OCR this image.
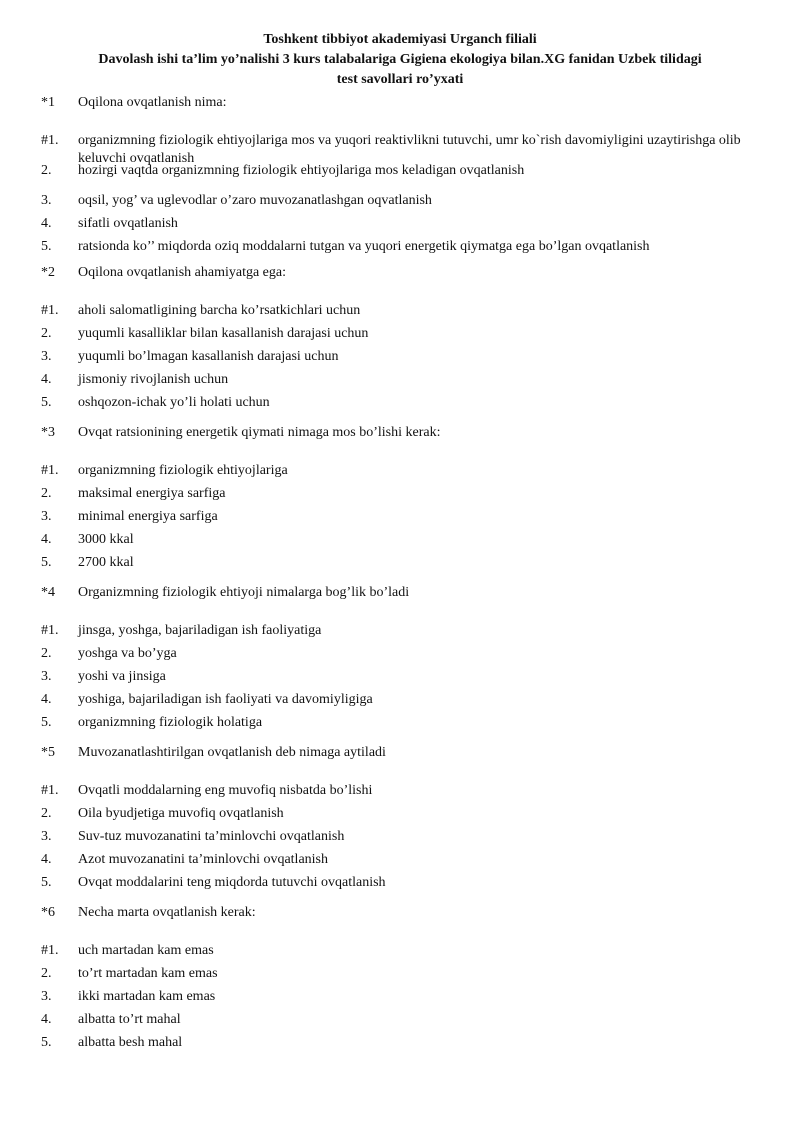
Toshkent tibbiyot akademiyasi Urganch filiali
Davolash ishi ta’lim yo’nalishi 3 kurs talabalariga Gigiena ekologiya bilan.XG fanidan Uzbek tilidagi
test savollari ro’yxati
*1 Oqilona ovqatlanish nima:
#1. organizmning fiziologik ehtiyojlariga mos va yuqori reaktivlikni tutuvchi, umr ko`rish davomiyligini uzaytirishga olib keluvchi ovqatlanish
2. hozirgi vaqtda organizmning fiziologik ehtiyojlariga mos keladigan ovqatlanish
3. oqsil, yog’ va uglevodlar o’zaro muvozanatlashgan oqvatlanish
4. sifatli ovqatlanish
5. ratsionda ko’’ miqdorda oziq moddalarni tutgan va yuqori energetik qiymatga ega bo’lgan ovqatlanish
*2 Oqilona ovqatlanish ahamiyatga ega:
#1. aholi salomatligining barcha ko’rsatkichlari uchun
2. yuqumli kasalliklar bilan kasallanish darajasi uchun
3. yuqumli bo’lmagan kasallanish darajasi uchun
4. jismoniy rivojlanish uchun
5. oshqozon-ichak yo’li holati uchun
*3 Ovqat ratsionining energetik qiymati nimaga mos bo’lishi kerak:
#1. organizmning fiziologik ehtiyojlariga
2. maksimal energiya sarfiga
3. minimal energiya sarfiga
4. 3000 kkal
5. 2700 kkal
*4 Organizmning fiziologik ehtiyoji nimalarga bog’lik bo’ladi
#1. jinsga, yoshga, bajariladigan ish faoliyatiga
2. yoshga va bo’yga
3. yoshi va jinsiga
4. yoshiga, bajariladigan ish faoliyati va davomiyligiga
5. organizmning fiziologik holatiga
*5 Muvozanatlashtirilgan ovqatlanish deb nimaga aytiladi
#1. Ovqatli moddalarning eng muvofiq nisbatda bo’lishi
2. Oila byudjetiga muvofiq ovqatlanish
3. Suv-tuz muvozanatini ta’minlovchi ovqatlanish
4. Azot muvozanatini ta’minlovchi ovqatlanish
5. Ovqat moddalarini teng miqdorda tutuvchi ovqatlanish
*6 Necha marta ovqatlanish kerak:
#1. uch martadan kam emas
2. to’rt martadan kam emas
3. ikki martadan kam emas
4. albatta to’rt mahal
5. albatta besh mahal
